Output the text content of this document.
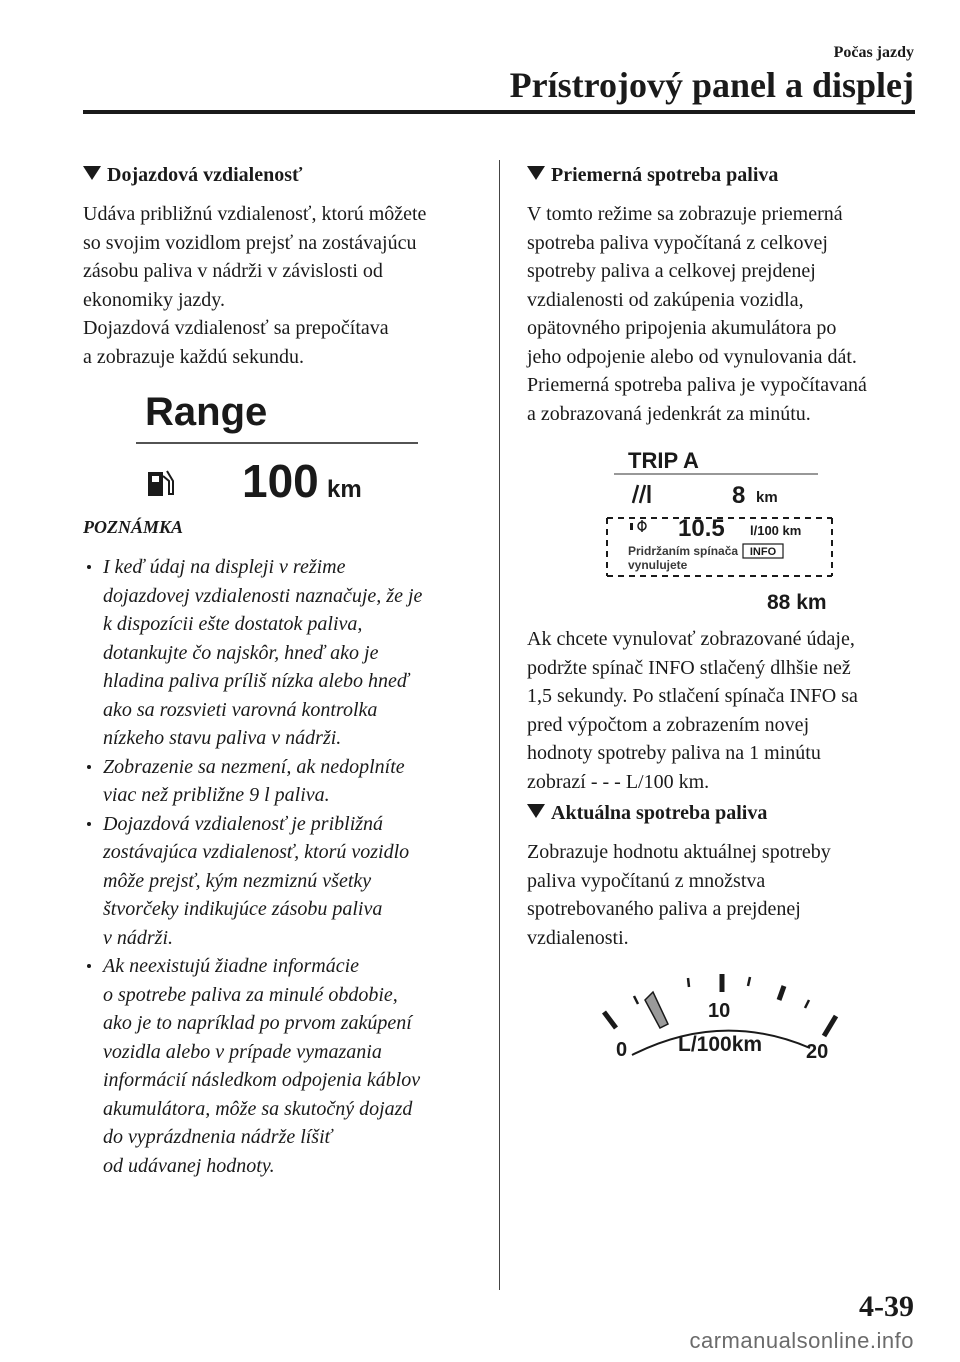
Počas jazdy
Prístrojový panel a displej
Dojazdová vzdialenosť
Udáva približnú vzdialenosť, ktorú môžete
so svojim vozidlom prejsť na zostávajúcu
zásobu paliva v nádrži v závislosti od
ekonomiky jazdy.
Dojazdová vzdialenosť sa prepočítava
a zobrazuje každú sekundu.
Range
100 km
POZNÁMKA
I keď údaj na displeji v režime
dojazdovej vzdialenosti naznačuje, že je
k dispozícii ešte dostatok paliva,
dotankujte čo najskôr, hneď ako je
hladina paliva príliš nízka alebo hneď
ako sa rozsvieti varovná kontrolka
nízkeho stavu paliva v nádrži.
Zobrazenie sa nezmení, ak nedoplníte
viac než približne 9 l paliva.
Dojazdová vzdialenosť je približná
zostávajúca vzdialenosť, ktorú vozidlo
môže prejsť, kým nezmiznú všetky
štvorčeky indikujúce zásobu paliva
v nádrži.
Ak neexistujú žiadne informácie
o spotrebe paliva za minulé obdobie,
ako je to napríklad po prvom zakúpení
vozidla alebo v prípade vymazania
informácií následkom odpojenia káblov
akumulátora, môže sa skutočný dojazd
do vyprázdnenia nádrže líšiť
od udávanej hodnoty.
Priemerná spotreba paliva
V tomto režime sa zobrazuje priemerná
spotreba paliva vypočítaná z celkovej
spotreby paliva a celkovej prejdenej
vzdialenosti od zakúpenia vozidla,
opätovného pripojenia akumulátora po
jeho odpojenie alebo od vynulovania dát.
Priemerná spotreba paliva je vypočítavaná
a zobrazovaná jedenkrát za minútu.
TRIP A
8 km
10.5 l/100 km
Pridržaním spínača INFO
vynulujete
88 km
Ak chcete vynulovať zobrazované údaje,
podržte spínač INFO stlačený dlhšie než
1,5 sekundy. Po stlačení spínača INFO sa
pred výpočtom a zobrazením novej
hodnoty spotreby paliva na 1 minútu
zobrazí - - - L/100 km.
Aktuálna spotreba paliva
Zobrazuje hodnotu aktuálnej spotreby
paliva vypočítanú z množstva
spotrebovaného paliva a prejdenej
vzdialenosti.
0
10
20
L/100km
4-39
carmanualsonline.info
